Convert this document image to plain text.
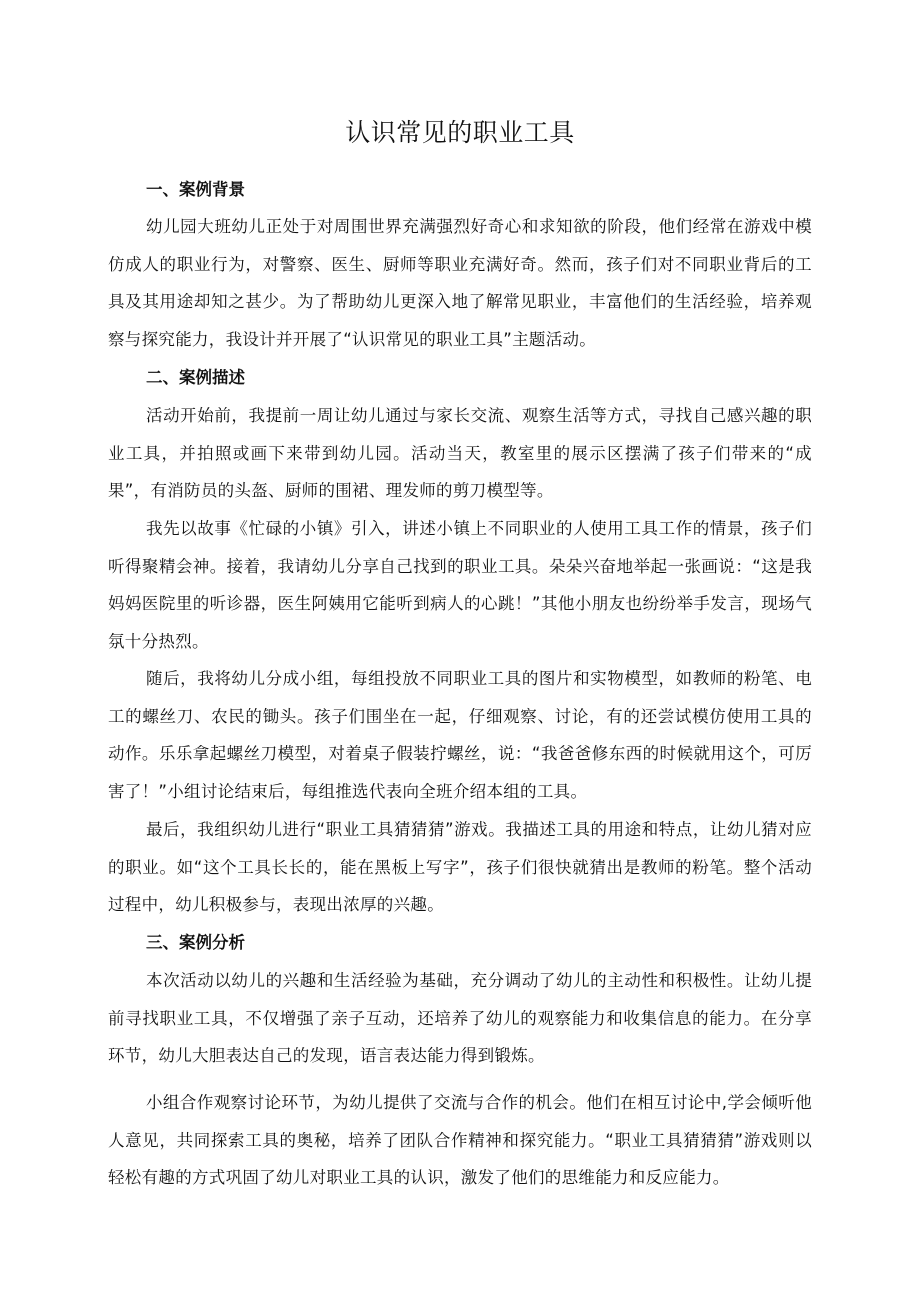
认识常见的职业工具
一、案例背景

幼儿园大班幼儿正处于对周围世界充满强烈好奇心和求知欲的阶段，他们经常在游戏中模仿成人的职业行为，对警察、医生、厨师等职业充满好奇。然而，孩子们对不同职业背后的工具及其用途却知之甚少。为了帮助幼儿更深入地了解常见职业，丰富他们的生活经验，培养观察与探究能力，我设计并开展了“认识常见的职业工具”主题活动。

二、案例描述

活动开始前，我提前一周让幼儿通过与家长交流、观察生活等方式，寻找自己感兴趣的职业工具，并拍照或画下来带到幼儿园。活动当天，教室里的展示区摆满了孩子们带来的“成果”，有消防员的头盔、厨师的围裙、理发师的剪刀模型等。

我先以故事《忙碌的小镇》引入，讲述小镇上不同职业的人使用工具工作的情景，孩子们听得聚精会神。接着，我请幼儿分享自己找到的职业工具。朵朵兴奋地举起一张画说：“这是我妈妈医院里的听诊器，医生阿姨用它能听到病人的心跳！”其他小朋友也纷纷举手发言，现场气氛十分热烈。

随后，我将幼儿分成小组，每组投放不同职业工具的图片和实物模型，如教师的粉笔、电工的螺丝刀、农民的锄头。孩子们围坐在一起，仔细观察、讨论，有的还尝试模仿使用工具的动作。乐乐拿起螺丝刀模型，对着桌子假装拧螺丝，说：“我爸爸修东西的时候就用这个，可厉害了！”小组讨论结束后，每组推选代表向全班介绍本组的工具。

最后，我组织幼儿进行“职业工具猜猜猜”游戏。我描述工具的用途和特点，让幼儿猜对应的职业。如“这个工具长长的，能在黑板上写字”，孩子们很快就猜出是教师的粉笔。整个活动过程中，幼儿积极参与，表现出浓厚的兴趣。

三、案例分析

本次活动以幼儿的兴趣和生活经验为基础，充分调动了幼儿的主动性和积极性。让幼儿提前寻找职业工具，不仅增强了亲子互动，还培养了幼儿的观察能力和收集信息的能力。在分享环节，幼儿大胆表达自己的发现，语言表达能力得到锻炼。

小组合作观察讨论环节，为幼儿提供了交流与合作的机会。他们在相互讨论中,学会倾听他人意见，共同探索工具的奥秘，培养了团队合作精神和探究能力。“职业工具猜猜猜”游戏则以轻松有趣的方式巩固了幼儿对职业工具的认识，激发了他们的思维能力和反应能力。
